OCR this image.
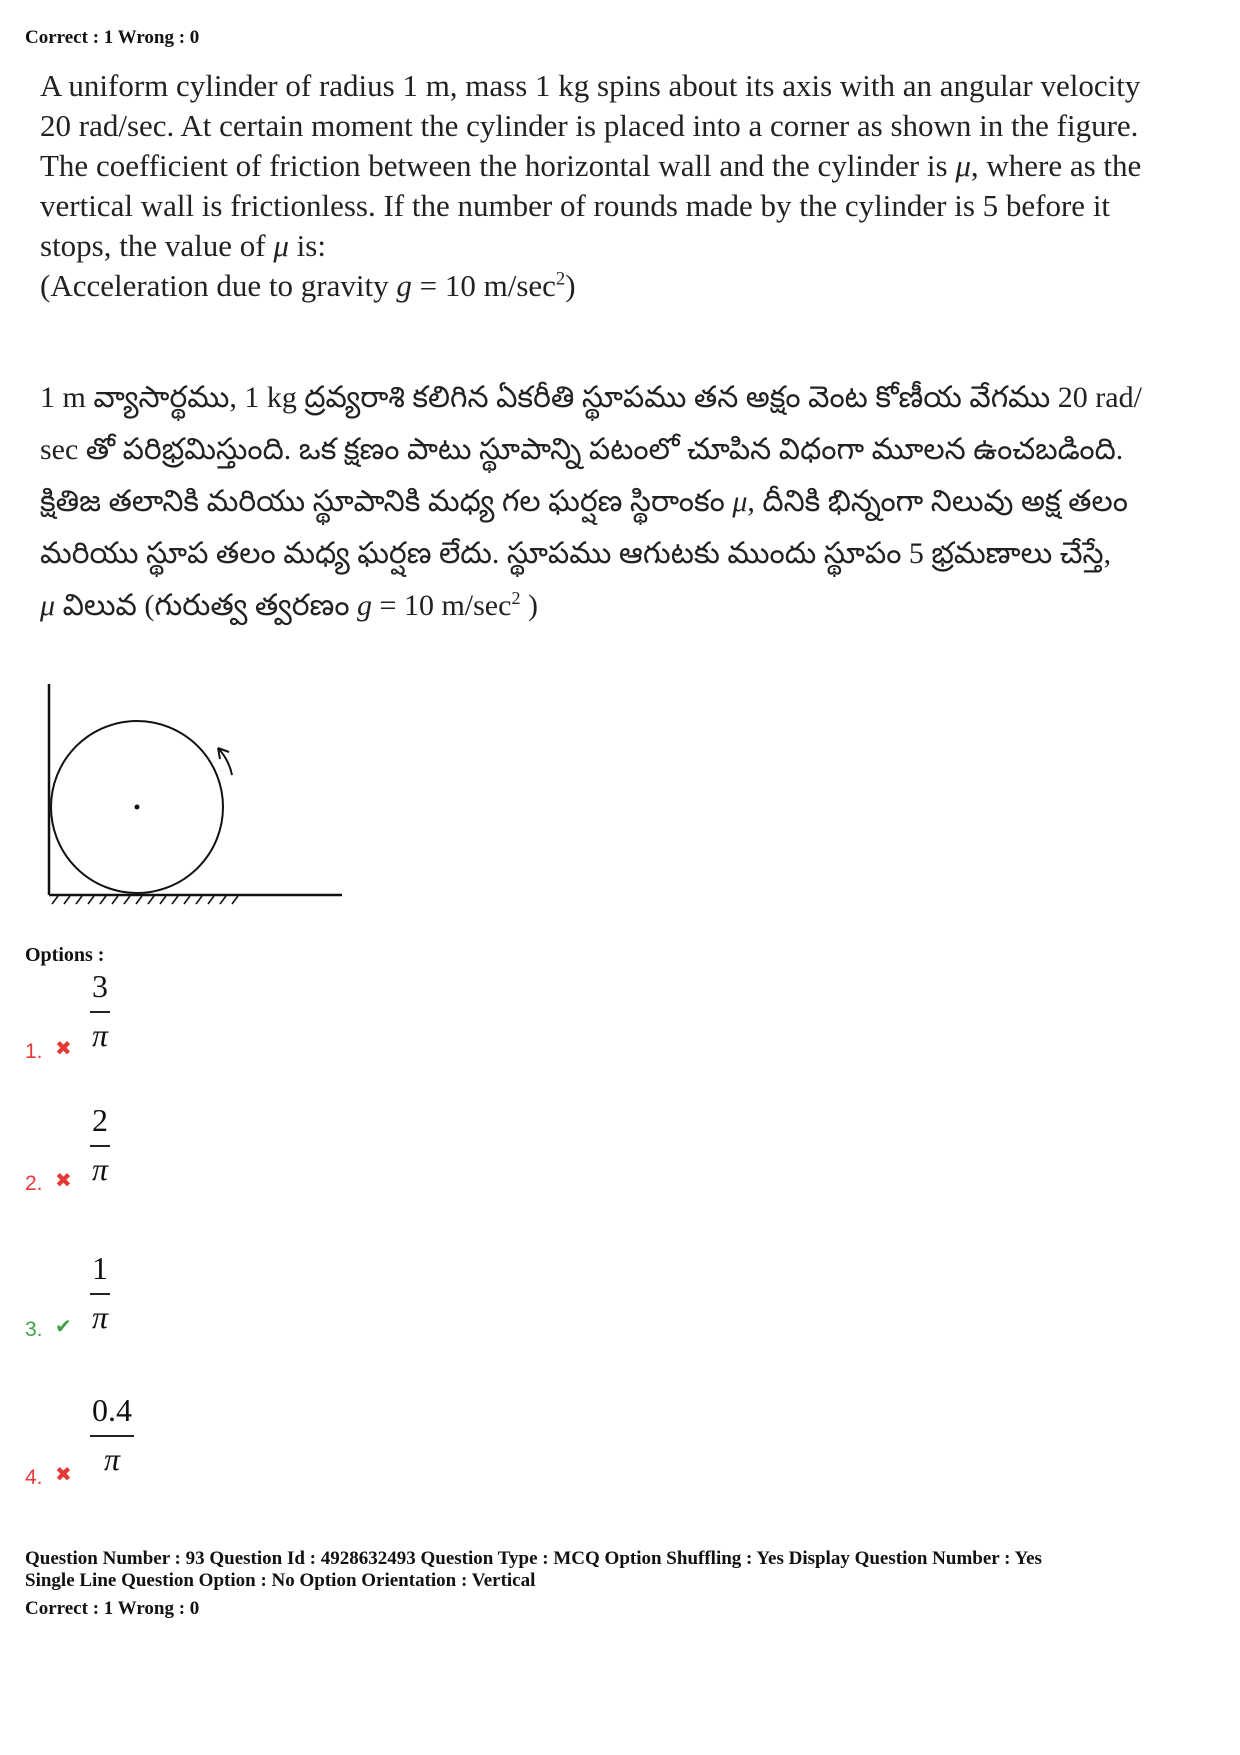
Correct : 1 Wrong : 0
A uniform cylinder of radius 1 m, mass 1 kg spins about its axis with an angular velocity
20 rad/sec. At certain moment the cylinder is placed into a corner as shown in the figure.
The coefficient of friction between the horizontal wall and the cylinder is μ, where as the
vertical wall is frictionless. If the number of rounds made by the cylinder is 5 before it
stops, the value of μ is:
(Acceleration due to gravity g = 10 $m/\sec^2$)
1 m వ్యాసార్థము, 1 kg ద్రవ్యరాశి కలిగిన ఏకరీతి స్థూపము తన అక్షం వెంట కోణీయ వేగము 20 rad/
sec తో పరిభ్రమిస్తుంది. ఒక క్షణం పాటు స్థూపాన్ని పటంలో చూపిన విధంగా మూలన ఉంచబడింది.
క్షితిజ తలానికి మరియు స్థూపానికి మధ్య గల ఘర్షణ స్థిరాంకం μ, దీనికి భిన్నంగా నిలువు అక్ష తలం
మరియు స్థూప తలం మధ్య ఘర్షణ లేదు. స్థూపము ఆగుటకు ముందు స్థూపం 5 భ్రమణాలు చేస్తే,
μ విలువ (గురుత్వ త్వరణం g = 10 $m/\sec^2$ )
Options :
1. ✖ $\frac{3}{\pi}$
2. ✖ $\frac{2}{\pi}$
3. ✔ $\frac{1}{\pi}$
4. ✖ $\frac{0.4}{\pi}$
Question Number : 93 Question Id : 4928632493 Question Type : MCQ Option Shuffling : Yes Display Question Number : Yes
Single Line Question Option : No Option Orientation : Vertical
Correct : 1 Wrong : 0
